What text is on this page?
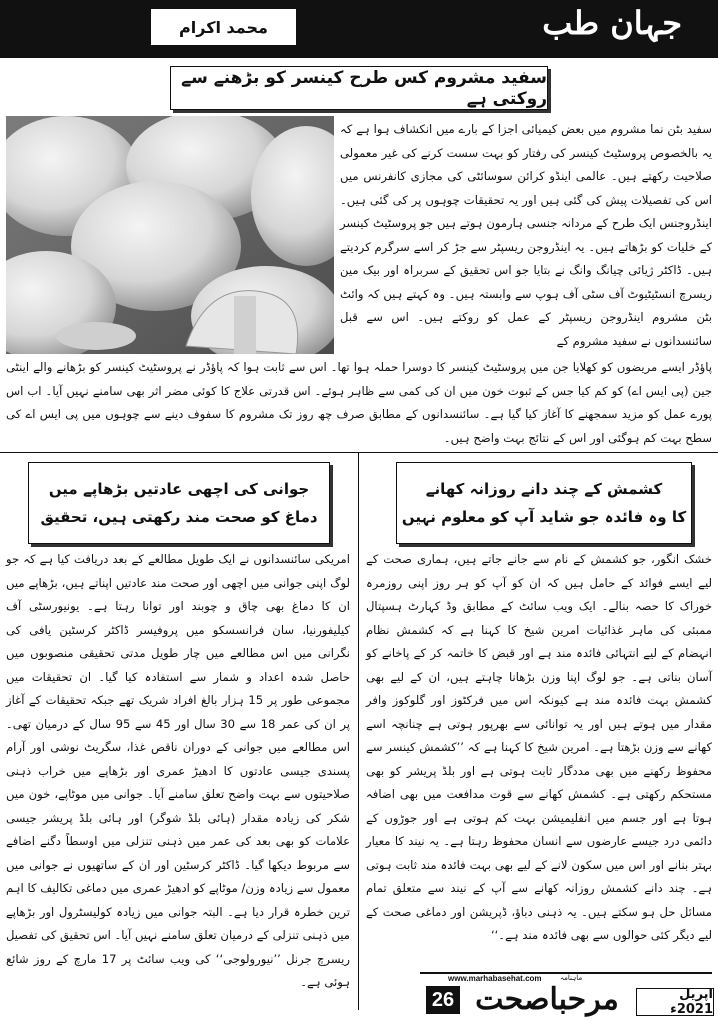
جہان طب
محمد اکرام
سفید مشروم کس طرح کینسر کو بڑھنے سے روکتی ہے
سفید بٹن نما مشروم میں بعض کیمیائی اجزا کے بارے میں انکشاف ہوا ہے کہ یہ بالخصوص پروسٹیٹ کینسر کی رفتار کو بہت سست کرنے کی غیر معمولی صلاحیت رکھتے ہیں۔ عالمی اینڈو کرائن سوسائٹی کی مجازی کانفرنس میں اس کی تفصیلات پیش کی گئی ہیں اور یہ تحقیقات چوہوں پر کی گئی ہیں۔ اینڈروجنس ایک طرح کے مردانہ جنسی ہارمون ہوتے ہیں جو پروسٹیٹ کینسر کے خلیات کو بڑھاتے ہیں۔ یہ اینڈروجن ریسپٹر سے جڑ کر اسے سرگرم کردیتے ہیں۔ ڈاکٹر ژیائی چیانگ وانگ نے بتایا جو اس تحقیق کے سربراہ اور بیک مین ریسرچ انسٹیٹیوٹ آف سٹی آف ہوپ سے وابستہ ہیں۔ وہ کہتے ہیں کہ وائٹ بٹن مشروم اینڈروجن ریسپٹر کے عمل کو روکتے ہیں۔ اس سے قبل سائنسدانوں نے سفید مشروم کے
پاؤڈر ایسے مریضوں کو کھلایا جن میں پروسٹیٹ کینسر کا دوسرا حملہ ہوا تھا۔ اس سے ثابت ہوا کہ پاؤڈر نے پروسٹیٹ کینسر کو بڑھانے والے اینٹی جین (پی ایس اے) کو کم کیا جس کے ثبوت خون میں ان کی کمی سے ظاہر ہوئے۔ اس قدرتی علاج کا کوئی مضر اثر بھی سامنے نہیں آیا۔ اب اس پورے عمل کو مزید سمجھنے کا آغاز کیا گیا ہے۔ سائنسدانوں کے مطابق صرف چھ روز تک مشروم کا سفوف دینے سے چوہوں میں پی ایس اے کی سطح بہت کم ہوگئی اور اس کے نتائج بہت واضح ہیں۔
جوانی کی اچھی عادتیں بڑھاپے میں
دماغ کو صحت مند رکھتی ہیں، تحقیق
امریکی سائنسدانوں نے ایک طویل مطالعے کے بعد دریافت کیا ہے کہ جو لوگ اپنی جوانی میں اچھی اور صحت مند عادتیں اپناتے ہیں، بڑھاپے میں ان کا دماغ بھی چاق و چوبند اور توانا رہتا ہے۔ یونیورسٹی آف کیلیفورنیا، سان فرانسسکو میں پروفیسر ڈاکٹر کرسٹین یافی کی نگرانی میں اس مطالعے میں چار طویل مدتی تحقیقی منصوبوں میں حاصل شدہ اعداد و شمار سے استفادہ کیا گیا۔ ان تحقیقات میں مجموعی طور پر 15 ہزار بالغ افراد شریک تھے جبکہ تحقیقات کے آغاز پر ان کی عمر 18 سے 30 سال اور 45 سے 95 سال کے درمیان تھی۔ اس مطالعے میں جوانی کے دوران ناقص غذا، سگریٹ نوشی اور آرام پسندی جیسی عادتوں کا ادھیڑ عمری اور بڑھاپے میں خراب ذہنی صلاحیتوں سے بہت واضح تعلق سامنے آیا۔ جوانی میں موٹاپے، خون میں شکر کی زیادہ مقدار (ہائی بلڈ شوگر) اور ہائی بلڈ پریشر جیسی علامات کو بھی بعد کی عمر میں ذہنی تنزلی میں اوسطاً دگنے اضافے سے مربوط دیکھا گیا۔ ڈاکٹر کرسٹین اور ان کے ساتھیوں نے جوانی میں معمول سے زیادہ وزن/ موٹاپے کو ادھیڑ عمری میں دماغی تکالیف کا اہم ترین خطرہ قرار دیا ہے۔ البتہ جوانی میں زیادہ کولیسٹرول اور بڑھاپے میں ذہنی تنزلی کے درمیان تعلق سامنے نہیں آیا۔ اس تحقیق کی تفصیل ریسرچ جرنل ’’نیورولوجی‘‘ کی ویب سائٹ پر 17 مارچ کے روز شائع ہوئی ہے۔
کشمش کے چند دانے روزانہ کھانے
کا وہ فائدہ جو شاید آپ کو معلوم نہیں
خشک انگور، جو کشمش کے نام سے جانے جاتے ہیں، ہماری صحت کے لیے ایسے فوائد کے حامل ہیں کہ ان کو آپ کو ہر روز اپنی روزمرہ خوراک کا حصہ بنالے۔ ایک ویب سائٹ کے مطابق وڈ کہارٹ ہسپتال ممبئی کی ماہر غذائیات امرین شیخ کا کہنا ہے کہ کشمش نظام انہضام کے لیے انتہائی فائدہ مند ہے اور قبض کا خاتمہ کر کے پاخانے کو آسان بناتی ہے۔ جو لوگ اپنا وزن بڑھانا چاہتے ہیں، ان کے لیے بھی کشمش بہت فائدہ مند ہے کیونکہ اس میں فرکٹوز اور گلوکوز وافر مقدار میں ہوتے ہیں اور یہ توانائی سے بھرپور ہوتی ہے چنانچہ اسے کھانے سے وزن بڑھتا ہے۔ امرین شیخ کا کہنا ہے کہ ’’کشمش کینسر سے محفوظ رکھنے میں بھی مددگار ثابت ہوتی ہے اور بلڈ پریشر کو بھی مستحکم رکھتی ہے۔ کشمش کھانے سے قوت مدافعت میں بھی اضافہ ہوتا ہے اور جسم میں انفلیمیشن بہت کم ہوتی ہے اور جوڑوں کے دائمی درد جیسے عارضوں سے انسان محفوظ رہتا ہے۔ یہ نیند کا معیار بہتر بنانے اور اس میں سکون لانے کے لیے بھی بہت فائدہ مند ثابت ہوتی ہے۔ چند دانے کشمش روزانہ کھانے سے آپ کے نیند سے متعلق تمام مسائل حل ہو سکتے ہیں۔ یہ ذہنی دباؤ، ڈپریشن اور دماغی صحت کے لیے دیگر کئی حوالوں سے بھی فائدہ مند ہے۔‘‘
www.marhabasehat.com	ماہنامہ
مرحباصحت
26	اپریل 2021ء
